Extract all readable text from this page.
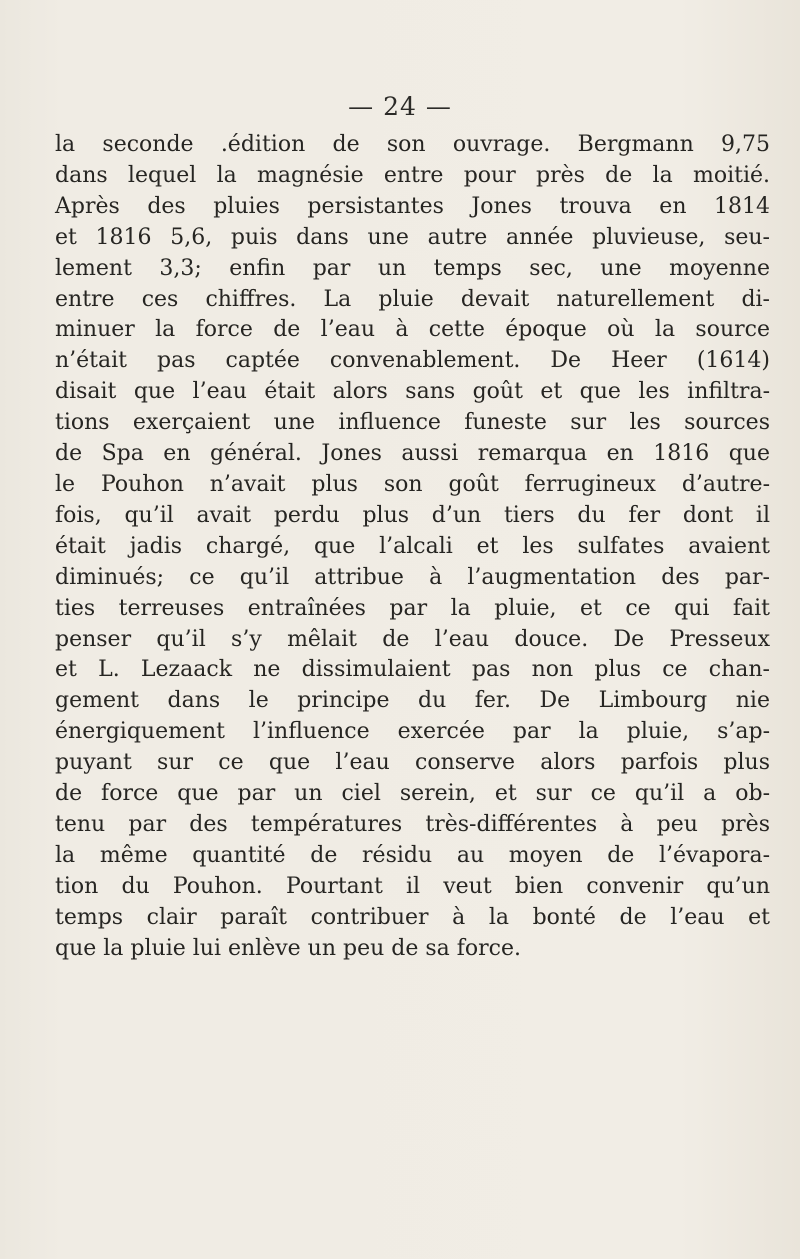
— 24 —
la seconde .édition de son ouvrage. Bergmann 9,75
dans lequel la magnésie entre pour près de la moitié.
Après des pluies persistantes Jones trouva en 1814
et 1816 5,6, puis dans une autre année pluvieuse, seu-
lement 3,3; enfin par un temps sec, une moyenne
entre ces chiffres. La pluie devait naturellement di-
minuer la force de l’eau à cette époque où la source
n’était pas captée convenablement. De Heer (1614)
disait que l’eau était alors sans goût et que les infiltra-
tions exerçaient une influence funeste sur les sources
de Spa en général. Jones aussi remarqua en 1816 que
le Pouhon n’avait plus son goût ferrugineux d’autre-
fois, qu’il avait perdu plus d’un tiers du fer dont il
était jadis chargé, que l’alcali et les sulfates avaient
diminués; ce qu’il attribue à l’augmentation des par-
ties terreuses entraînées par la pluie, et ce qui fait
penser qu’il s’y mêlait de l’eau douce. De Presseux
et L. Lezaack ne dissimulaient pas non plus ce chan-
gement dans le principe du fer. De Limbourg nie
énergiquement l’influence exercée par la pluie, s’ap-
puyant sur ce que l’eau conserve alors parfois plus
de force que par un ciel serein, et sur ce qu’il a ob-
tenu par des températures très-différentes à peu près
la même quantité de résidu au moyen de l’évapora-
tion du Pouhon. Pourtant il veut bien convenir qu’un
temps clair paraît contribuer à la bonté de l’eau et
que la pluie lui enlève un peu de sa force.
